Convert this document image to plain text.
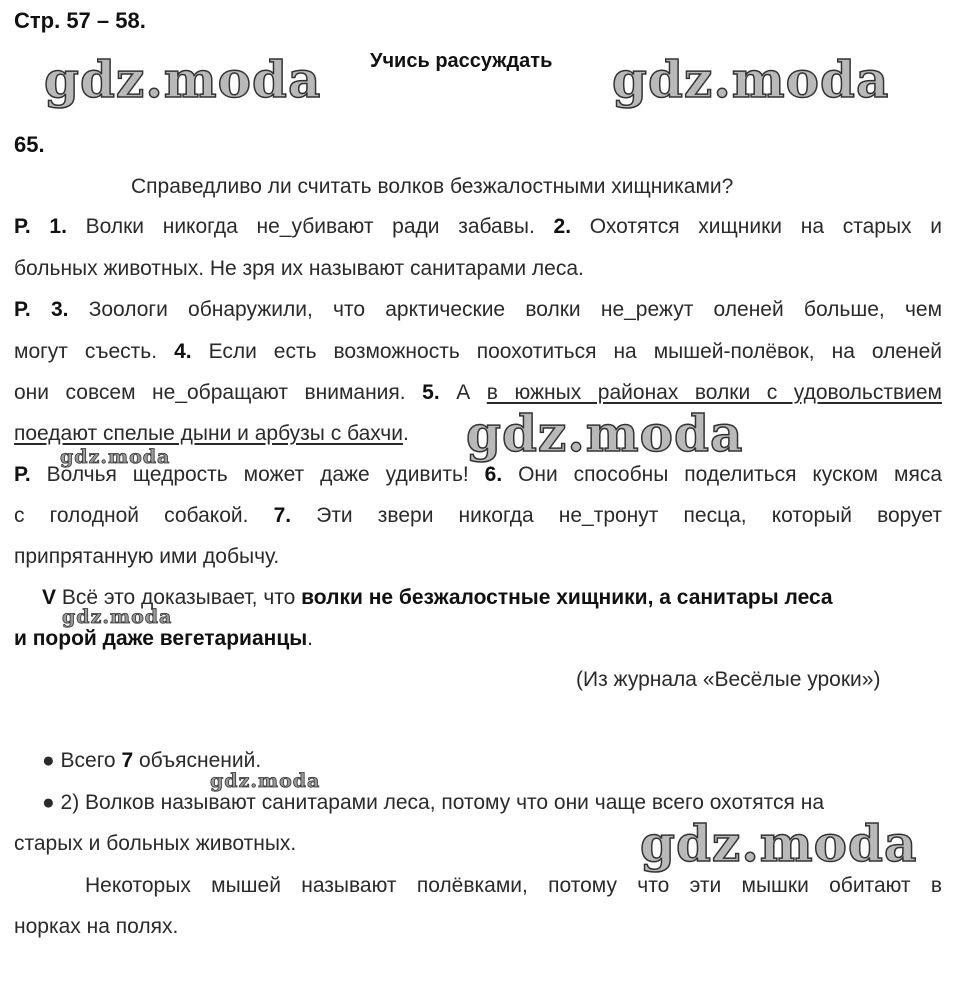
Стр. 57 – 58.
Учись рассуждать
65.
Справедливо ли считать волков безжалостными хищниками?
Р. 1. Волки никогда не_убивают ради забавы. 2. Охотятся хищники на старых и
больных животных. Не зря их называют санитарами леса.
Р. 3. Зоологи обнаружили, что арктические волки не_режут оленей больше, чем
могут съесть. 4. Если есть возможность поохотиться на мышей-полёвок, на оленей
они совсем не_обращают внимания. 5. А в южных районах волки с удовольствием
поедают спелые дыни и арбузы с бахчи.
Р. Волчья щедрость может даже удивить! 6. Они способны поделиться куском мяса
с голодной собакой. 7. Эти звери никогда не_тронут песца, который ворует
припрятанную ими добычу.
V Всё это доказывает, что волки не безжалостные хищники, а санитары леса
и порой даже вегетарианцы.
(Из журнала «Весёлые уроки»)
● Всего 7 объяснений.
● 2) Волков называют санитарами леса, потому что они чаще всего охотятся на
старых и больных животных.
Некоторых мышей называют полёвками, потому что эти мышки обитают в
норках на полях.
gdz.moda	gdz.moda
gdz.moda
gdz.moda
gdz.moda
gdz.moda
gdz.moda
